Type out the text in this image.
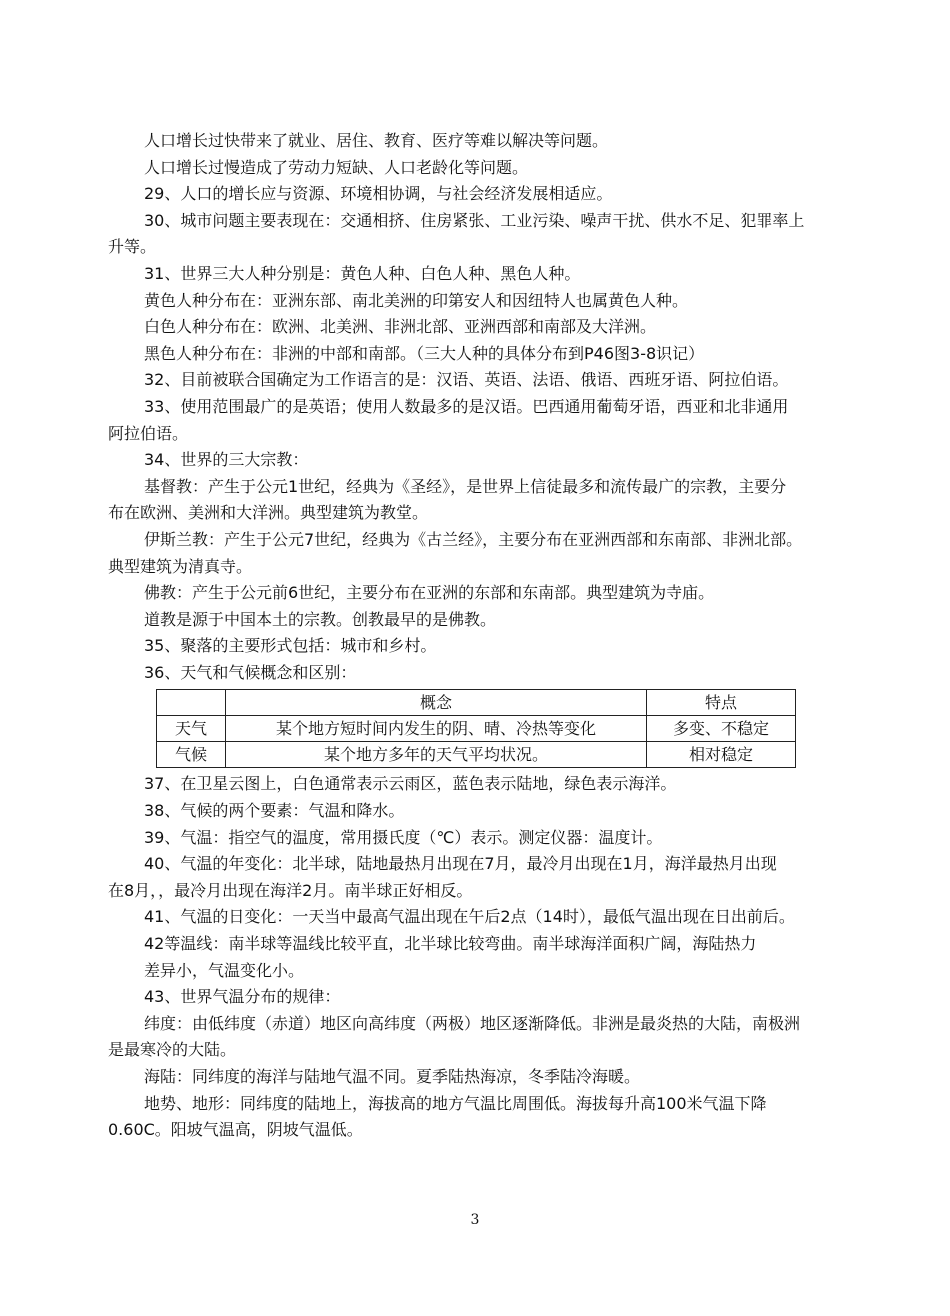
人口增长过快带来了就业、居住、教育、医疗等难以解决等问题。
人口增长过慢造成了劳动力短缺、人口老龄化等问题。
29、人口的增长应与资源、环境相协调，与社会经济发展相适应。
30、城市问题主要表现在：交通相挤、住房紧张、工业污染、噪声干扰、供水不足、犯罪率上
升等。
31、世界三大人种分别是：黄色人种、白色人种、黑色人种。
黄色人种分布在：亚洲东部、南北美洲的印第安人和因纽特人也属黄色人种。
白色人种分布在：欧洲、北美洲、非洲北部、亚洲西部和南部及大洋洲。
黑色人种分布在：非洲的中部和南部。（三大人种的具体分布到P46图3-8识记）
32、目前被联合国确定为工作语言的是：汉语、英语、法语、俄语、西班牙语、阿拉伯语。
33、使用范围最广的是英语；使用人数最多的是汉语。巴西通用葡萄牙语，西亚和北非通用
阿拉伯语。
34、世界的三大宗教：
基督教：产生于公元1世纪，经典为《圣经》，是世界上信徒最多和流传最广的宗教，主要分
布在欧洲、美洲和大洋洲。典型建筑为教堂。
伊斯兰教：产生于公元7世纪，经典为《古兰经》，主要分布在亚洲西部和东南部、非洲北部。
典型建筑为清真寺。
佛教：产生于公元前6世纪，主要分布在亚洲的东部和东南部。典型建筑为寺庙。
道教是源于中国本土的宗教。创教最早的是佛教。
35、聚落的主要形式包括：城市和乡村。
36、天气和气候概念和区别：
	概念	特点
天气	某个地方短时间内发生的阴、晴、冷热等变化	多变、不稳定
气候	某个地方多年的天气平均状况。	相对稳定
37、在卫星云图上，白色通常表示云雨区，蓝色表示陆地，绿色表示海洋。
38、气候的两个要素：气温和降水。
39、气温：指空气的温度，常用摄氏度（℃）表示。测定仪器：温度计。
40、气温的年变化：北半球，陆地最热月出现在7月，最冷月出现在1月，海洋最热月出现
在8月，，最冷月出现在海洋2月。南半球正好相反。
41、气温的日变化：一天当中最高气温出现在午后2点（14时），最低气温出现在日出前后。
42等温线：南半球等温线比较平直，北半球比较弯曲。南半球海洋面积广阔，海陆热力
差异小，气温变化小。
43、世界气温分布的规律：
纬度：由低纬度（赤道）地区向高纬度（两极）地区逐渐降低。非洲是最炎热的大陆，南极洲
是最寒冷的大陆。
海陆：同纬度的海洋与陆地气温不同。夏季陆热海凉，冬季陆冷海暖。
地势、地形：同纬度的陆地上，海拔高的地方气温比周围低。海拔每升高100米气温下降
0.60C。阳坡气温高，阴坡气温低。
3
